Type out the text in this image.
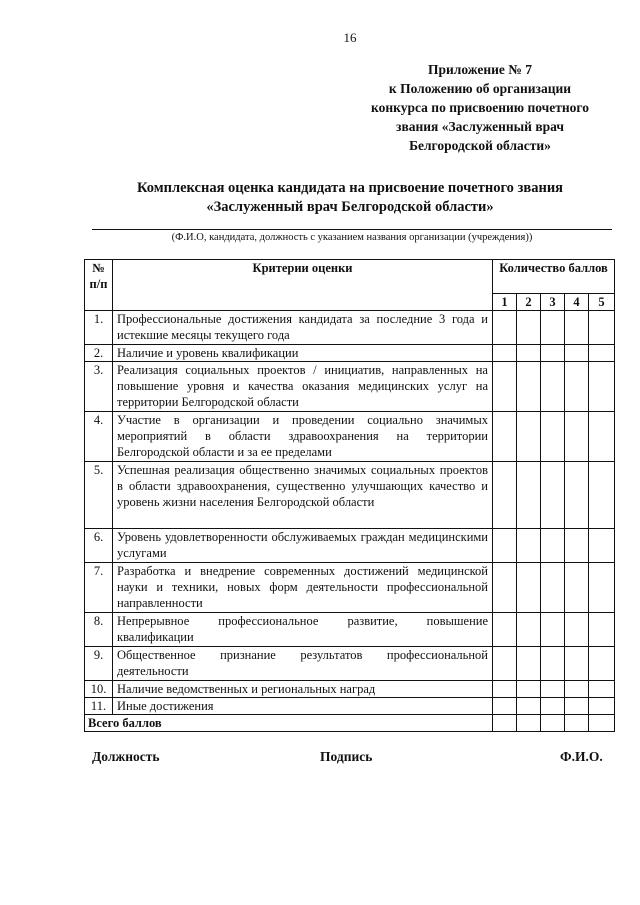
16
Приложение № 7
к Положению об организации
конкурса по присвоению почетного
звания «Заслуженный врач
Белгородской области»
Комплексная оценка кандидата на присвоение почетного звания
«Заслуженный врач Белгородской области»
(Ф.И.О, кандидата, должность с указанием названия организации (учреждения))
№ п/п	Критерии оценки	Количество баллов				
		1	2	3	4	5
1.	Профессиональные достижения кандидата за последние 3 года и истекшие месяцы текущего года					
2.	Наличие и уровень квалификации					
3.	Реализация социальных проектов / инициатив, направленных на повышение уровня и качества оказания медицинских услуг на территории Белгородской области					
4.	Участие в организации и проведении социально значимых мероприятий в области здравоохранения на территории Белгородской области и за ее пределами					
5.	Успешная реализация общественно значимых социальных проектов в области здравоохранения, существенно улучшающих качество и уровень жизни населения Белгородской области					
6.	Уровень удовлетворенности обслуживаемых граждан медицинскими услугами					
7.	Разработка и внедрение современных достижений медицинской науки и техники, новых форм деятельности профессиональной направленности					
8.	Непрерывное профессиональное развитие, повышение квалификации					
9.	Общественное признание результатов профессиональной деятельности					
10.	Наличие ведомственных и региональных наград					
11.	Иные достижения					
Всего баллов						
Должность	Подпись	Ф.И.О.
